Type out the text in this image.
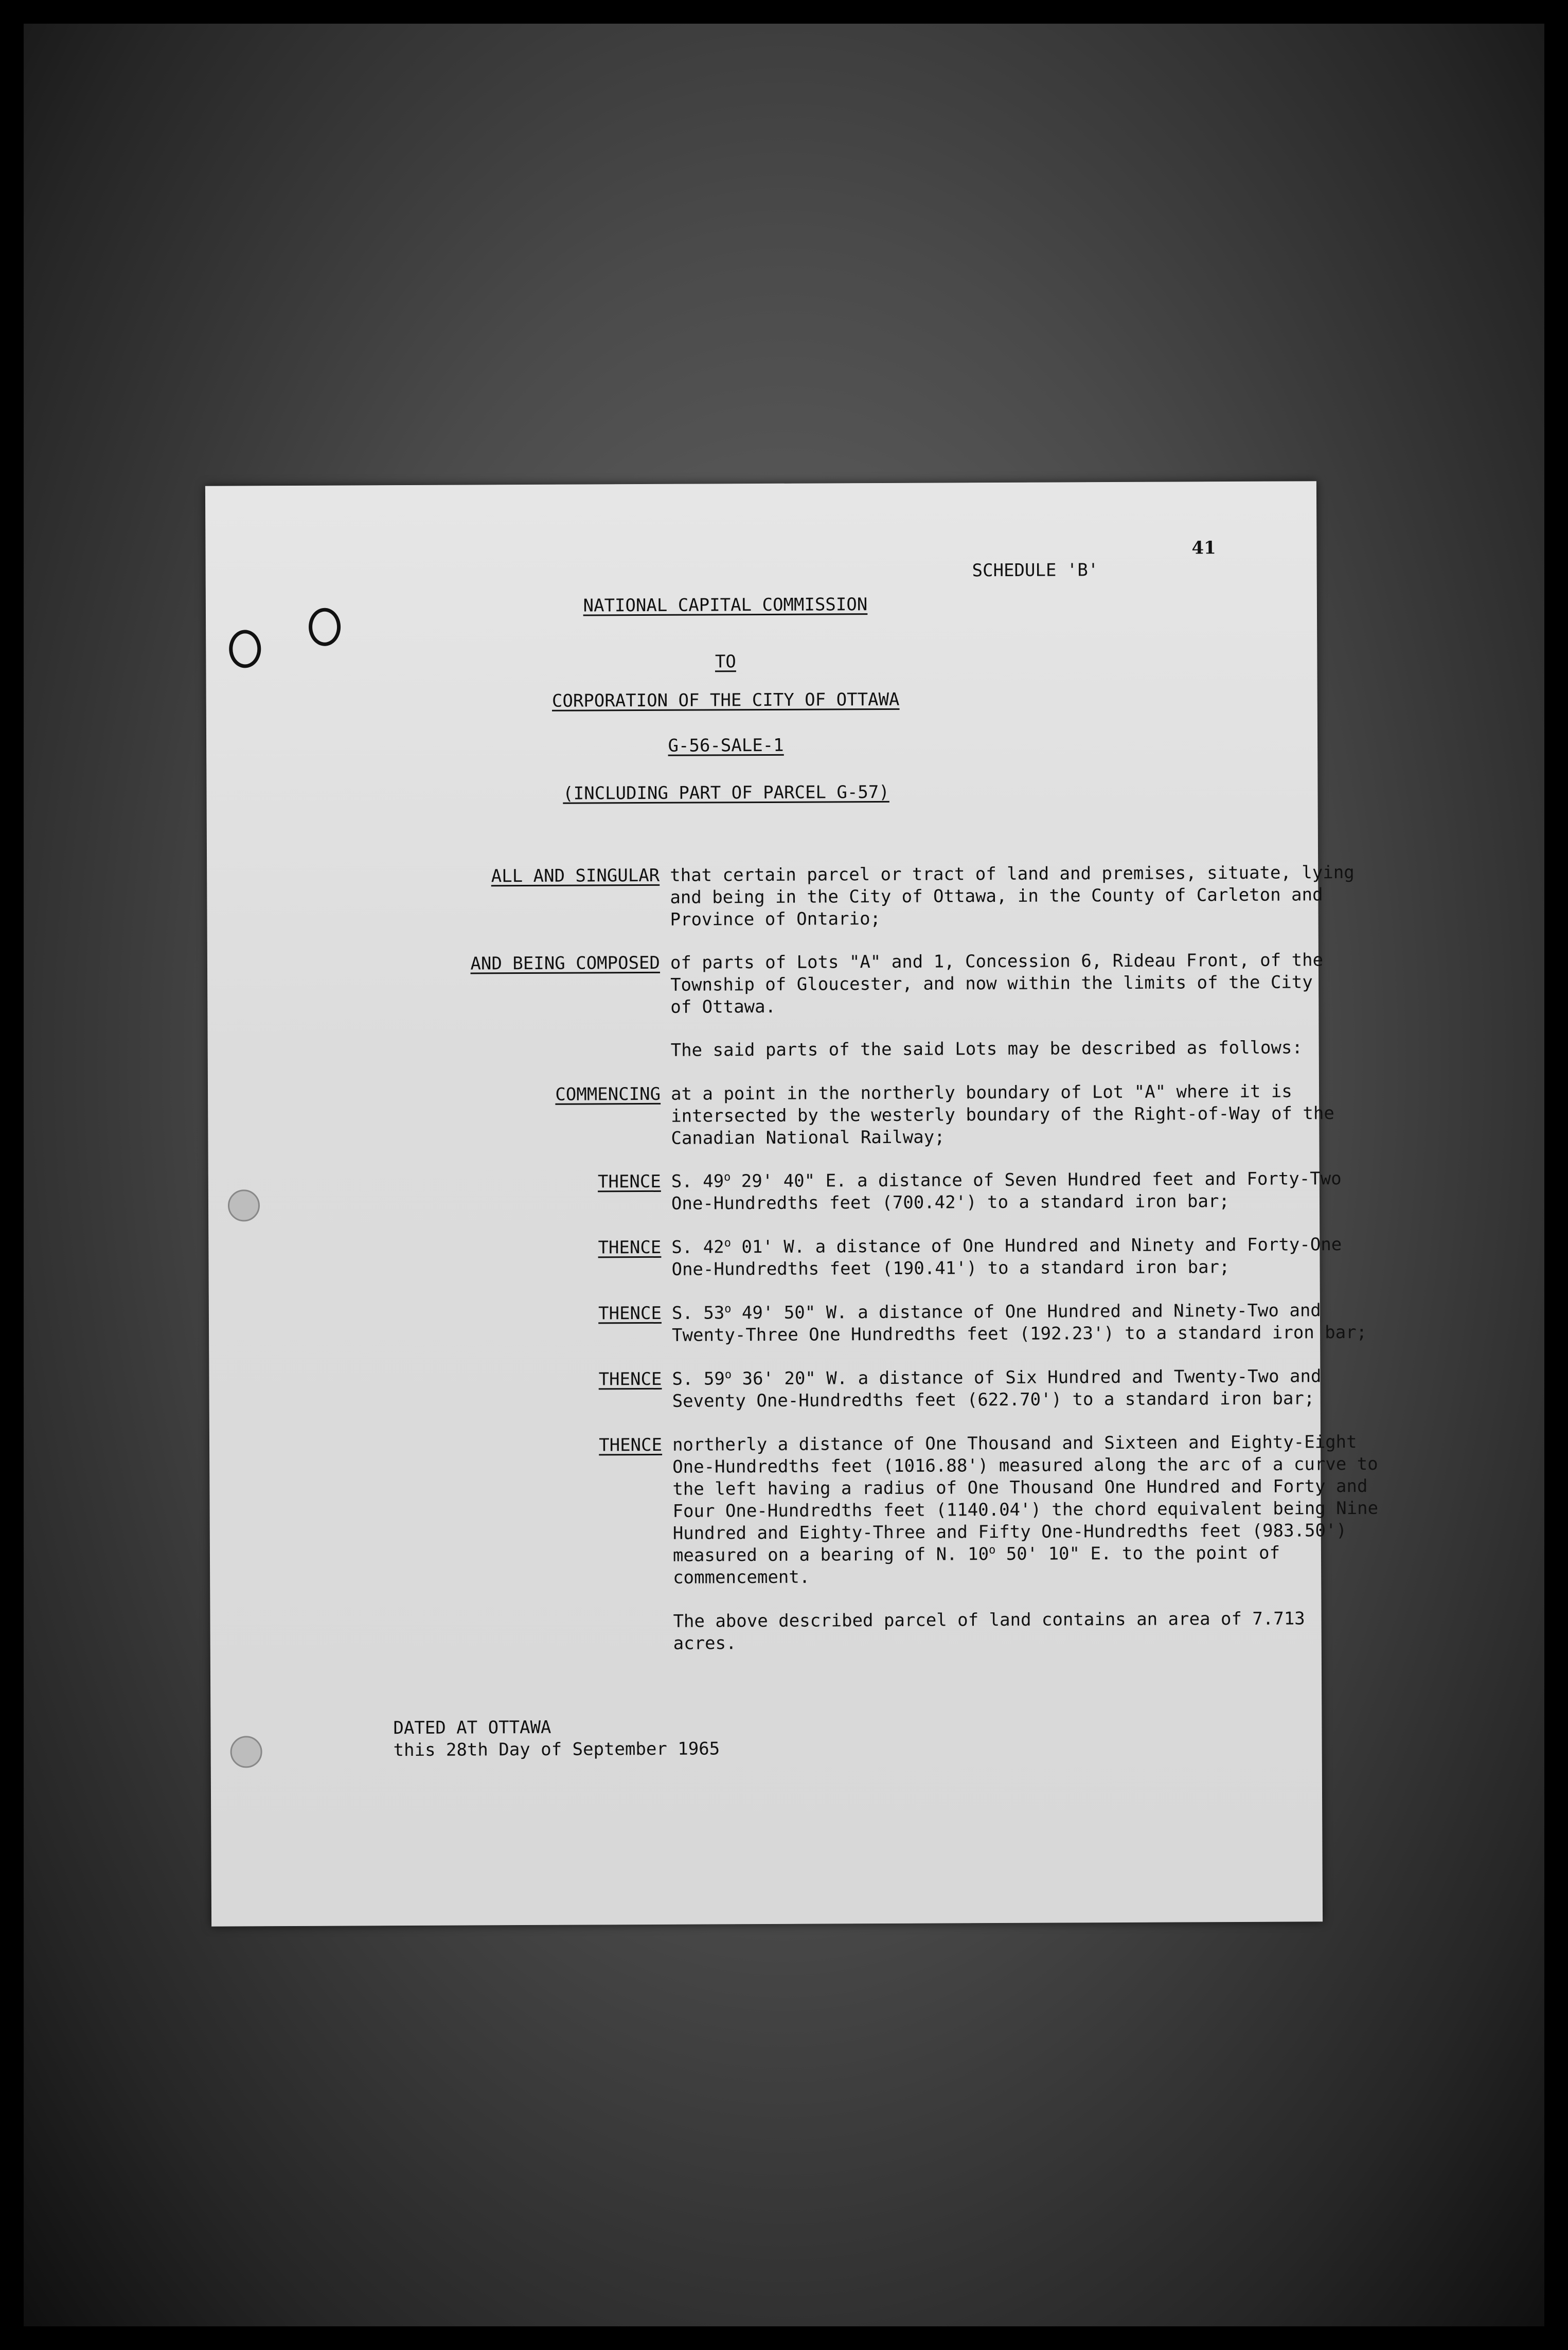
41
SCHEDULE 'B'
NATIONAL CAPITAL COMMISSION
TO
CORPORATION OF THE CITY OF OTTAWA
G-56-SALE-1
(INCLUDING PART OF PARCEL G-57)
ALL AND SINGULAR that certain parcel or tract of land and premises, situate, lying
and being in the City of Ottawa, in the County of Carleton and
Province of Ontario;
AND BEING COMPOSED of parts of Lots "A" and 1, Concession 6, Rideau Front, of the
Township of Gloucester, and now within the limits of the City
of Ottawa.
The said parts of the said Lots may be described as follows:
COMMENCING at a point in the northerly boundary of Lot "A" where it is
intersected by the westerly boundary of the Right-of-Way of the
Canadian National Railway;
THENCE S. 49$^o$ 29' 40" E. a distance of Seven Hundred feet and Forty-Two
One-Hundredths feet (700.42') to a standard iron bar;
THENCE S. 42$^o$ 01' W. a distance of One Hundred and Ninety and Forty-One
One-Hundredths feet (190.41') to a standard iron bar;
THENCE S. 53$^o$ 49' 50" W. a distance of One Hundred and Ninety-Two and
Twenty-Three One Hundredths feet (192.23') to a standard iron bar;
THENCE S. 59$^o$ 36' 20" W. a distance of Six Hundred and Twenty-Two and
Seventy One-Hundredths feet (622.70') to a standard iron bar;
THENCE northerly a distance of One Thousand and Sixteen and Eighty-Eight
One-Hundredths feet (1016.88') measured along the arc of a curve to
the left having a radius of One Thousand One Hundred and Forty and
Four One-Hundredths feet (1140.04') the chord equivalent being Nine
Hundred and Eighty-Three and Fifty One-Hundredths feet (983.50')
measured on a bearing of N. 10$^o$ 50' 10" E. to the point of
commencement.
The above described parcel of land contains an area of 7.713
acres.
DATED AT OTTAWA
this 28th Day of September 1965
